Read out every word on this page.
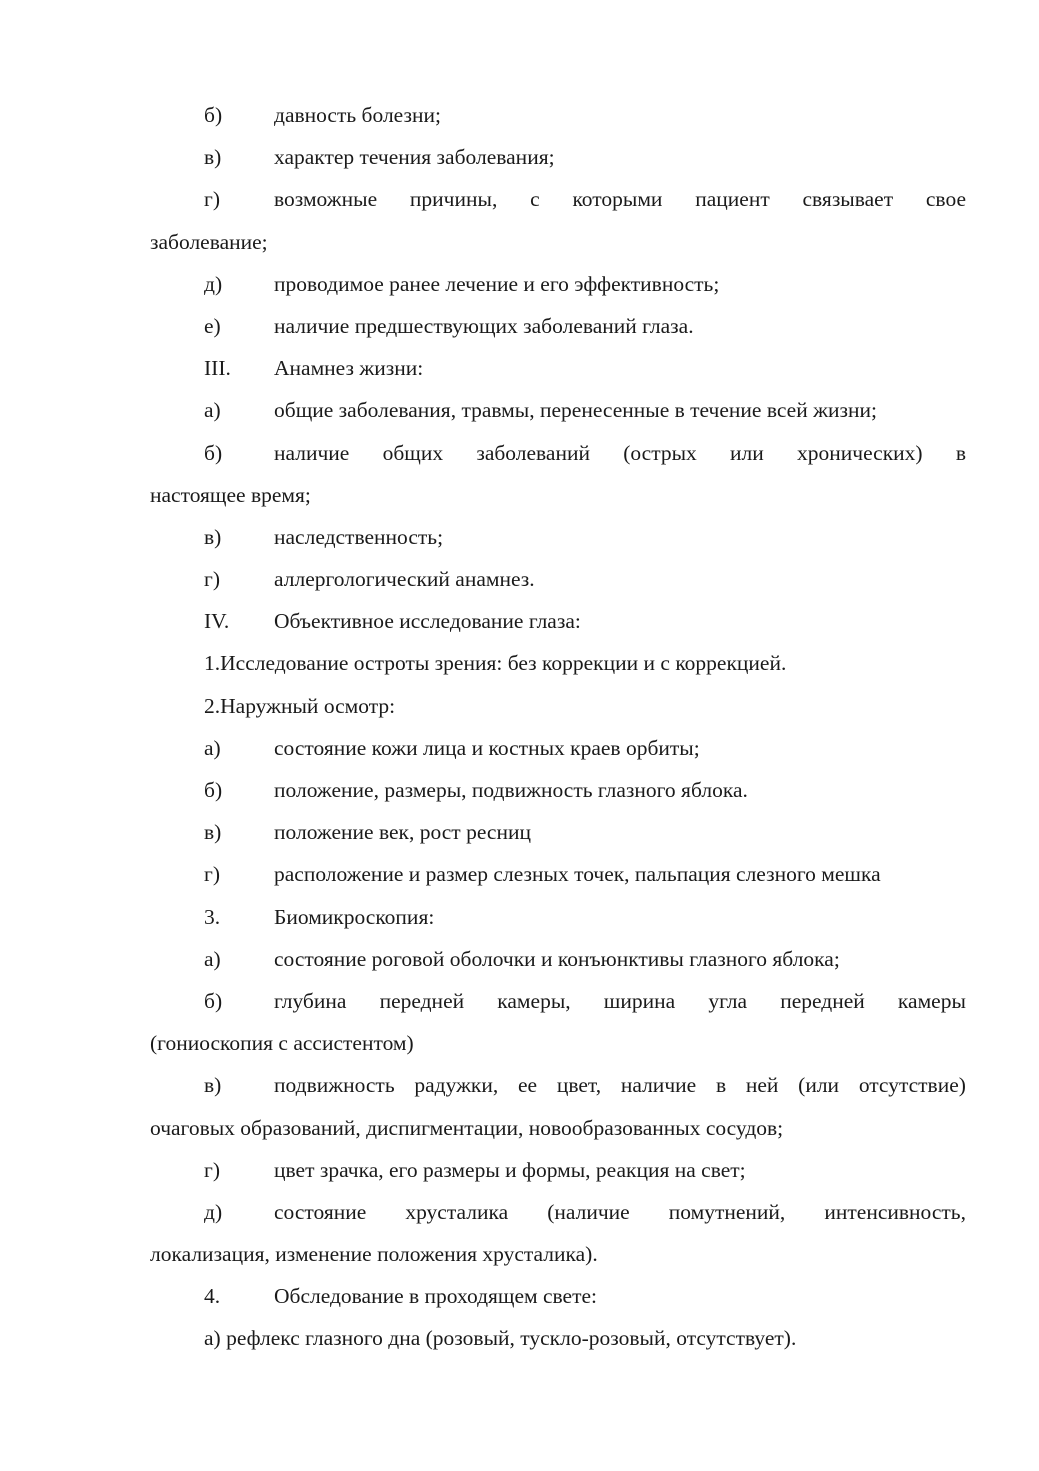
б) давность болезни;
в) характер течения заболевания;
г)	возможные причины, с которыми пациент связывает свое
заболевание;
д) проводимое ранее лечение и его эффективность;
е) наличие предшествующих заболеваний глаза.
III. Анамнез жизни:
а) общие заболевания, травмы, перенесенные в течение всей жизни;
б) наличие общих заболеваний (острых или хронических) в
настоящее время;
в) наследственность;
г)	аллергологический анамнез.
IV. Объективное исследование глаза:
1.Исследование остроты зрения: без коррекции и с коррекцией.
2.Наружный осмотр:
а) состояние кожи лица и костных краев орбиты;
б) положение, размеры, подвижность глазного яблока.
в) положение век, рост ресниц
г)	расположение и размер слезных точек, пальпация слезного мешка
3.	Биомикроскопия:
а) состояние роговой оболочки и конъюнктивы глазного яблока;
б) глубина передней камеры, ширина угла передней камеры
(гониоскопия с ассистентом)
в) подвижность радужки, ее цвет, наличие в ней (или отсутствие)
очаговых образований, диспигментации, новообразованных сосудов;
г)	цвет зрачка, его размеры и формы, реакция на свет;
д) состояние хрусталика (наличие помутнений, интенсивность,
локализация, изменение положения хрусталика).
4.	Обследование в проходящем свете:
а) рефлекс глазного дна (розовый, тускло-розовый, отсутствует).
